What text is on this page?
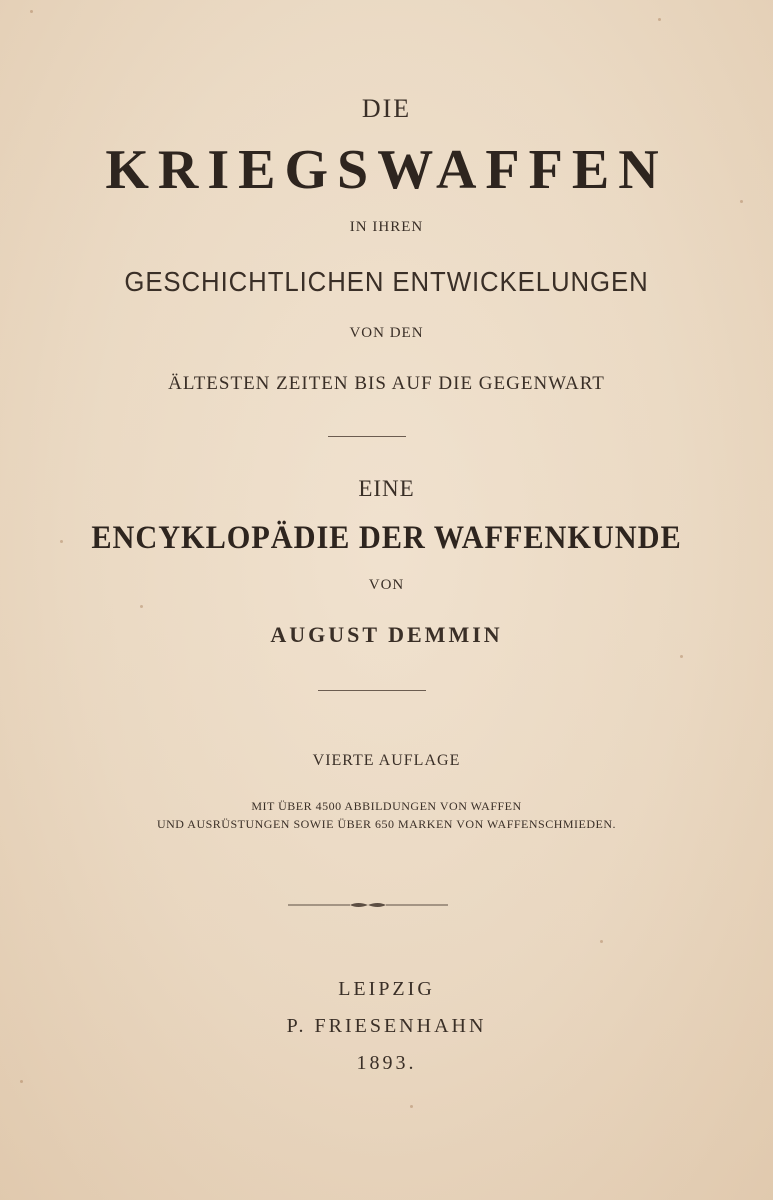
DIE
KRIEGSWAFFEN
IN IHREN
GESCHICHTLICHEN ENTWICKELUNGEN
VON DEN
ÄLTESTEN ZEITEN BIS AUF DIE GEGENWART
EINE
ENCYKLOPÄDIE DER WAFFENKUNDE
VON
AUGUST DEMMIN
VIERTE AUFLAGE
MIT ÜBER 4500 ABBILDUNGEN VON WAFFEN
UND AUSRÜSTUNGEN SOWIE ÜBER 650 MARKEN VON WAFFENSCHMIEDEN.
LEIPZIG
P. FRIESENHAHN
1893.
